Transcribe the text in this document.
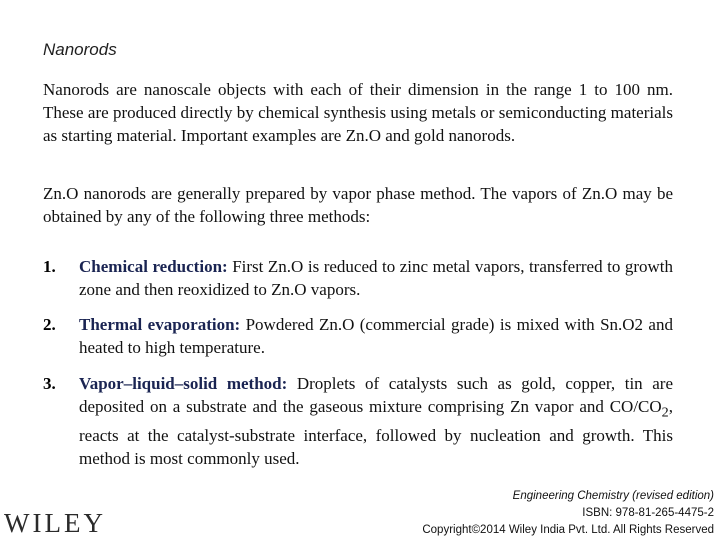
Nanorods

Nanorods are nanoscale objects with each of their dimension in the range 1 to 100 nm. These are produced directly by chemical synthesis using metals or semiconducting materials as starting material. Important examples are Zn.O and gold nanorods.

Zn.O nanorods are generally prepared by vapor phase method. The vapors of Zn.O may be obtained by any of the following three methods:

1. Chemical reduction: First Zn.O is reduced to zinc metal vapors, transferred to growth zone and then reoxidized to Zn.O vapors.
2. Thermal evaporation: Powdered Zn.O (commercial grade) is mixed with Sn.O2 and heated to high temperature.
3. Vapor–liquid–solid method: Droplets of catalysts such as gold, copper, tin are deposited on a substrate and the gaseous mixture comprising Zn vapor and $CO/CO_2$, reacts at the catalyst-substrate interface, followed by nucleation and growth. This method is most commonly used.
WILEY
Engineering Chemistry (revised edition)
ISBN: 978-81-265-4475-2
Copyright©2014 Wiley India Pvt. Ltd. All Rights Reserved
